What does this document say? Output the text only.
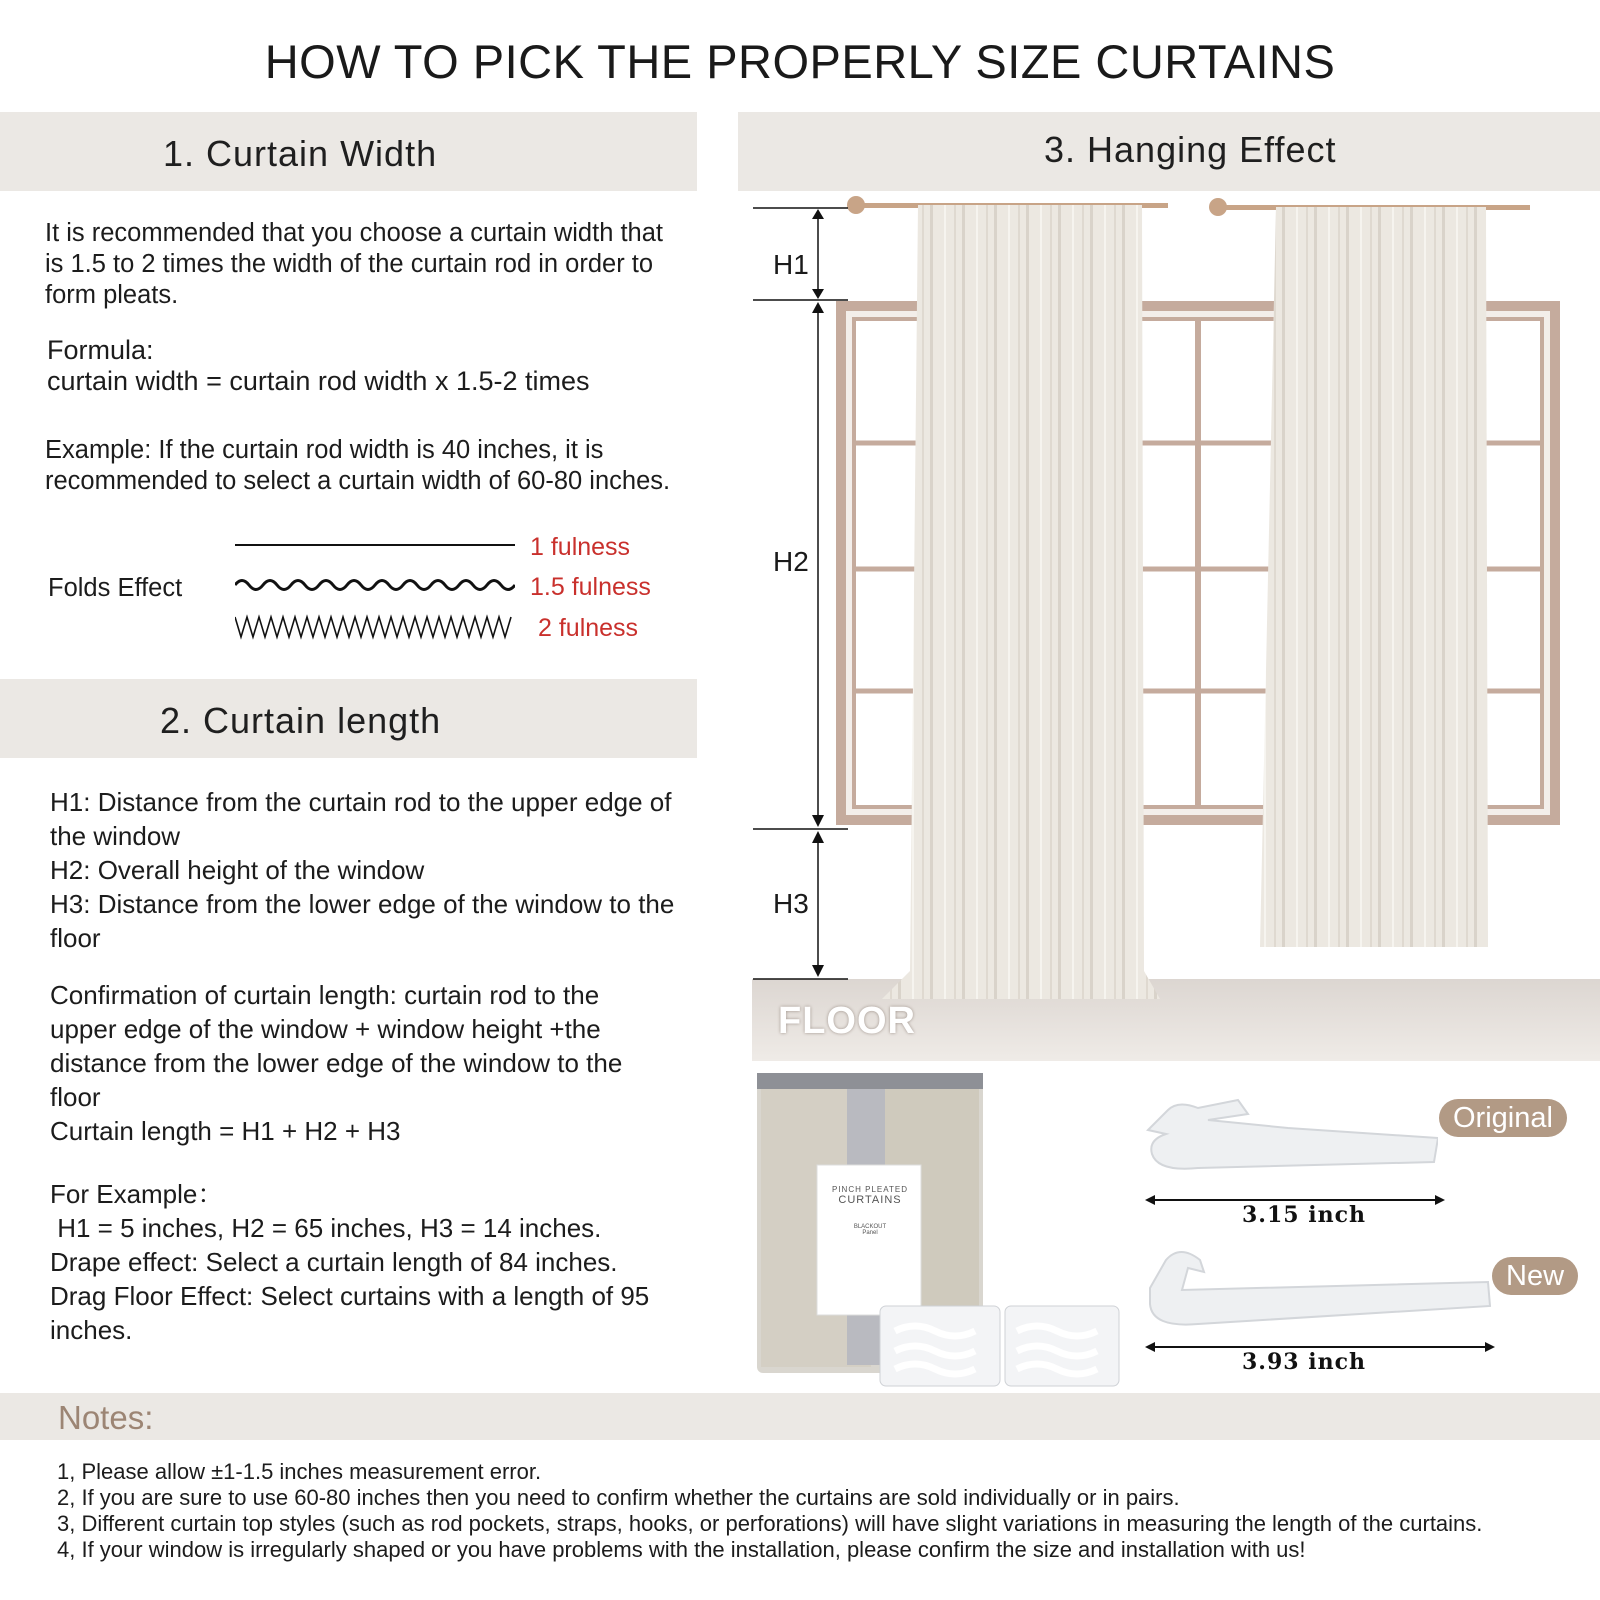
HOW TO PICK THE PROPERLY SIZE CURTAINS
1. Curtain Width
It is recommended that you choose a curtain width that is 1.5 to 2 times the width of the curtain rod in order to form pleats.
Formula:
curtain width = curtain rod width x 1.5-2 times
Example: If the curtain rod width is 40 inches, it is recommended to select a curtain width of 60-80 inches.
Folds Effect
1 fulness
1.5 fulness
2 fulness
2. Curtain length
H1: Distance from the curtain rod to the upper edge of the window
H2: Overall height of the window
H3: Distance from the lower edge of the window to the floor
Confirmation of curtain length: curtain rod to the upper edge of the window + window height +the distance from the lower edge of the window to the floor
Curtain length = H1 + H2 + H3
For Example：
H1 = 5 inches, H2 = 65 inches, H3 = 14 inches.
Drape effect: Select a curtain length of 84 inches.
Drag Floor Effect: Select curtains with a length of 95 inches.
3. Hanging Effect
H1
H2
H3
FLOOR
PINCH PLEATED
CURTAINS
BLACKOUT
Panel
3.15 inch
Original
3.93 inch
New
Notes:
1, Please allow ±1-1.5 inches measurement error.
2, If you are sure to use 60-80 inches then you need to confirm whether the curtains are sold individually or in pairs.
3, Different curtain top styles (such as rod pockets, straps, hooks, or perforations) will have slight variations in measuring the length of the curtains.
4, If your window is irregularly shaped or you have problems with the installation, please confirm the size and installation with us!
